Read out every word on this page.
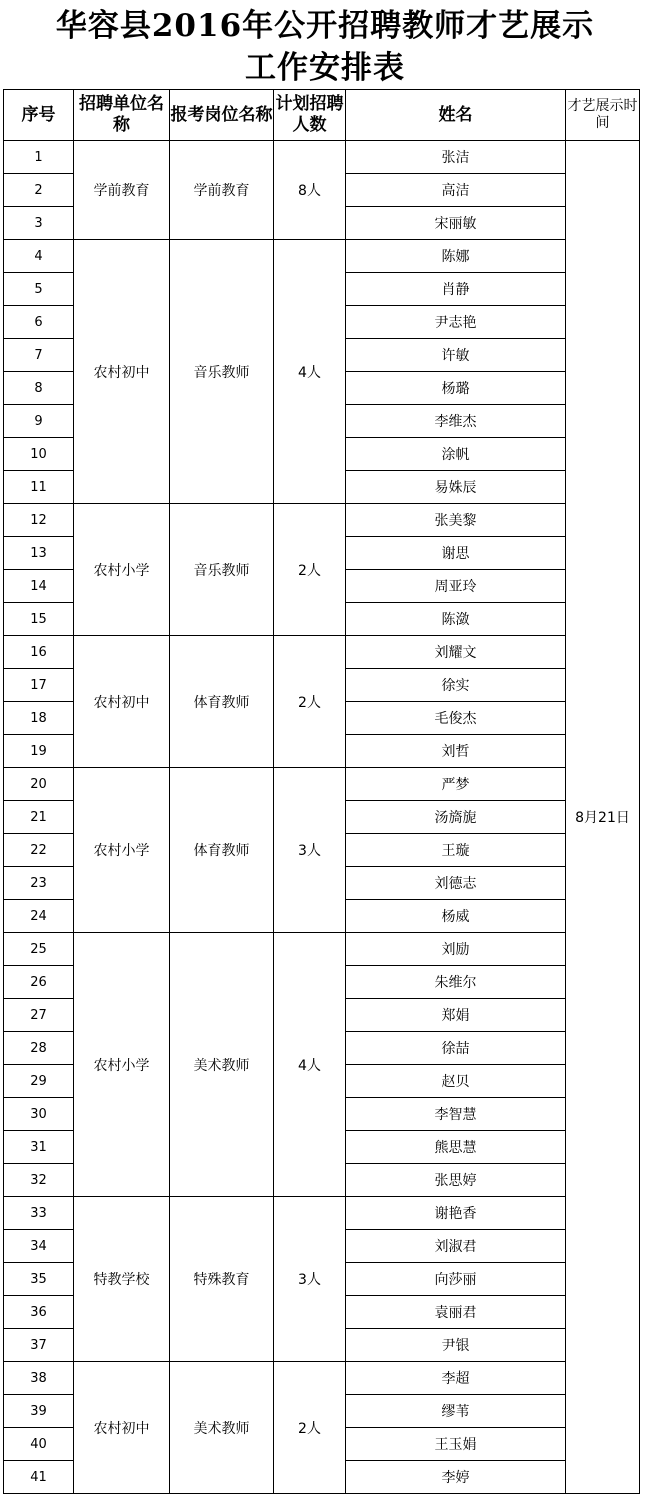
华容县2016年公开招聘教师才艺展示
工作安排表
序号	招聘单位名称	报考岗位名称	计划招聘人数	姓名	才艺展示时间
1	学前教育	学前教育	8人	张洁	8月21日
2				高洁	
3				宋丽敏	
4	农村初中	音乐教师	4人	陈娜	
5				肖静	
6				尹志艳	
7				许敏	
8				杨璐	
9				李维杰	
10				涂帆	
11				易姝辰	
12	农村小学	音乐教师	2人	张美黎	
13				谢思	
14				周亚玲	
15				陈潋	
16	农村初中	体育教师	2人	刘耀文	
17				徐实	
18				毛俊杰	
19				刘哲	
20	农村小学	体育教师	3人	严梦	
21				汤旖旎	
22				王璇	
23				刘德志	
24				杨威	
25	农村小学	美术教师	4人	刘励	
26				朱维尔	
27				郑娟	
28				徐喆	
29				赵贝	
30				李智慧	
31				熊思慧	
32				张思婷	
33	特教学校	特殊教育	3人	谢艳香	
34				刘淑君	
35				向莎丽	
36				袁丽君	
37				尹银	
38	农村初中	美术教师	2人	李超	
39				缪苇	
40				王玉娟	
41				李婷	
